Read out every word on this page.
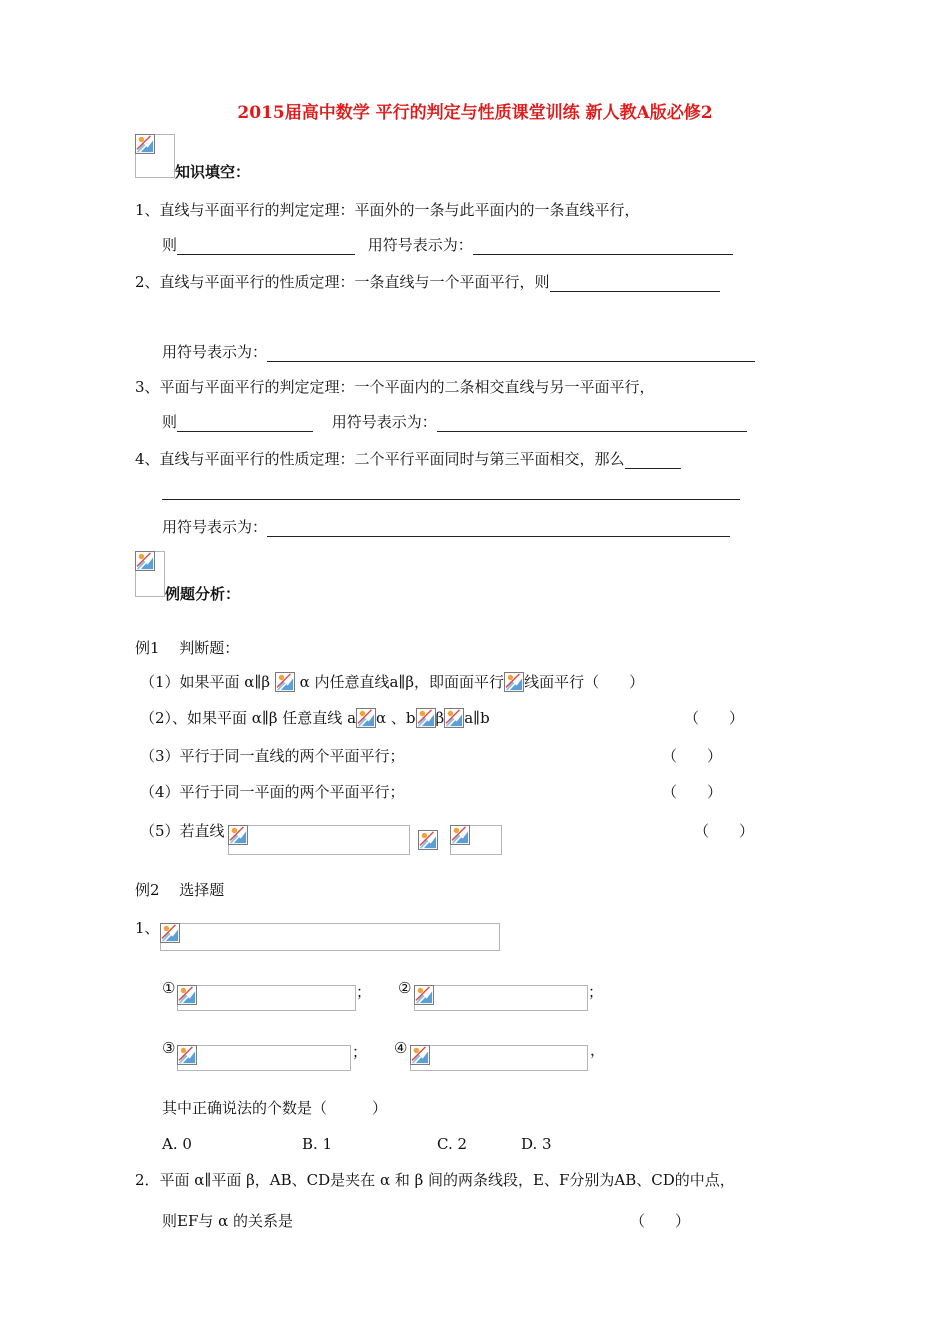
2015届高中数学 平行的判定与性质课堂训练 新人教A版必修2
知识填空：
1、直线与平面平行的判定定理：平面外的一条与此平面内的一条直线平行，
则	用符号表示为：
2、直线与平面平行的性质定理：一条直线与一个平面平行，则
用符号表示为：
3、平面与平面平行的判定定理：一个平面内的二条相交直线与另一平面平行，
则	用符号表示为：
4、直线与平面平行的性质定理：二个平行平面同时与第三平面相交，那么
用符号表示为：
例题分析：
例1　 判断题：
（1）如果平面 α∥β α 内任意直线a∥β，即面面平行 线面平行（　　）
（2）、如果平面 α∥β 任意直线 a α 、b β a∥b	（　　）
（3）平行于同一直线的两个平面平行；	（　　）
（4）平行于同一平面的两个平面平行；	（　　）
（5）若直线	（　　）
例2　 选择题
1、
①	； ②	；
③	； ④	，
其中正确说法的个数是（　　　）
A. 0	B. 1	C. 2	D. 3
2．平面 α∥平面 β，AB、CD是夹在 α 和 β 间的两条线段，E、F分别为AB、CD的中点，
则EF与 α 的关系是	（　　）
